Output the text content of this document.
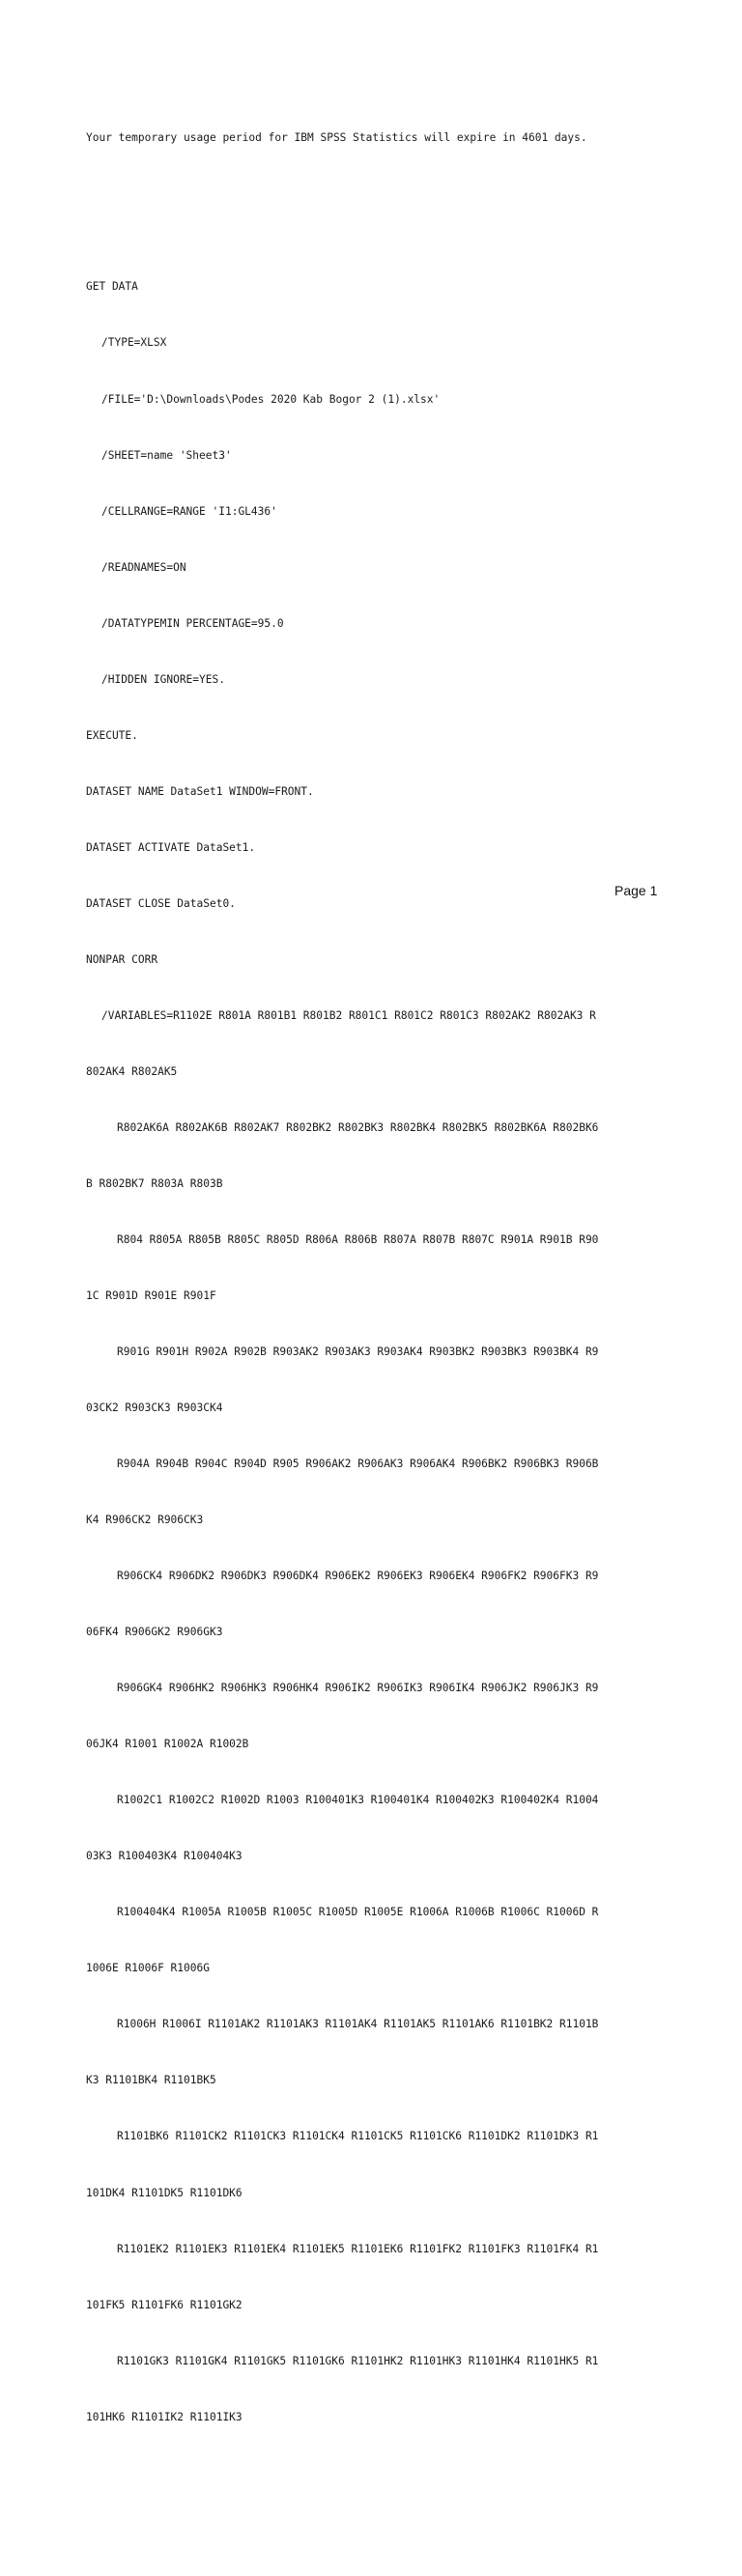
Your temporary usage period for IBM SPSS Statistics will expire in 4601 days.

GET DATA

/TYPE=XLSX

/FILE='D:\Downloads\Podes 2020 Kab Bogor 2 (1).xlsx'

/SHEET=name 'Sheet3'

/CELLRANGE=RANGE 'I1:GL436'

/READNAMES=ON

/DATATYPEMIN PERCENTAGE=95.0

/HIDDEN IGNORE=YES.

EXECUTE.

DATASET NAME DataSet1 WINDOW=FRONT.

DATASET ACTIVATE DataSet1.

DATASET CLOSE DataSet0.

NONPAR CORR

/VARIABLES=R1102E R801A R801B1 R801B2 R801C1 R801C2 R801C3 R802AK2 R802AK3 R

802AK4 R802AK5

R802AK6A R802AK6B R802AK7 R802BK2 R802BK3 R802BK4 R802BK5 R802BK6A R802BK6

B R802BK7 R803A R803B

R804 R805A R805B R805C R805D R806A R806B R807A R807B R807C R901A R901B R90

1C R901D R901E R901F

R901G R901H R902A R902B R903AK2 R903AK3 R903AK4 R903BK2 R903BK3 R903BK4 R9

03CK2 R903CK3 R903CK4

R904A R904B R904C R904D R905 R906AK2 R906AK3 R906AK4 R906BK2 R906BK3 R906B

K4 R906CK2 R906CK3

R906CK4 R906DK2 R906DK3 R906DK4 R906EK2 R906EK3 R906EK4 R906FK2 R906FK3 R9

06FK4 R906GK2 R906GK3

R906GK4 R906HK2 R906HK3 R906HK4 R906IK2 R906IK3 R906IK4 R906JK2 R906JK3 R9

06JK4 R1001 R1002A R1002B

R1002C1 R1002C2 R1002D R1003 R100401K3 R100401K4 R100402K3 R100402K4 R1004

03K3 R100403K4 R100404K3

R100404K4 R1005A R1005B R1005C R1005D R1005E R1006A R1006B R1006C R1006D R

1006E R1006F R1006G

R1006H R1006I R1101AK2 R1101AK3 R1101AK4 R1101AK5 R1101AK6 R1101BK2 R1101B

K3 R1101BK4 R1101BK5

R1101BK6 R1101CK2 R1101CK3 R1101CK4 R1101CK5 R1101CK6 R1101DK2 R1101DK3 R1

101DK4 R1101DK5 R1101DK6

R1101EK2 R1101EK3 R1101EK4 R1101EK5 R1101EK6 R1101FK2 R1101FK3 R1101FK4 R1

101FK5 R1101FK6 R1101GK2

R1101GK3 R1101GK4 R1101GK5 R1101GK6 R1101HK2 R1101HK3 R1101HK4 R1101HK5 R1

101HK6 R1101IK2 R1101IK3

Page 1
